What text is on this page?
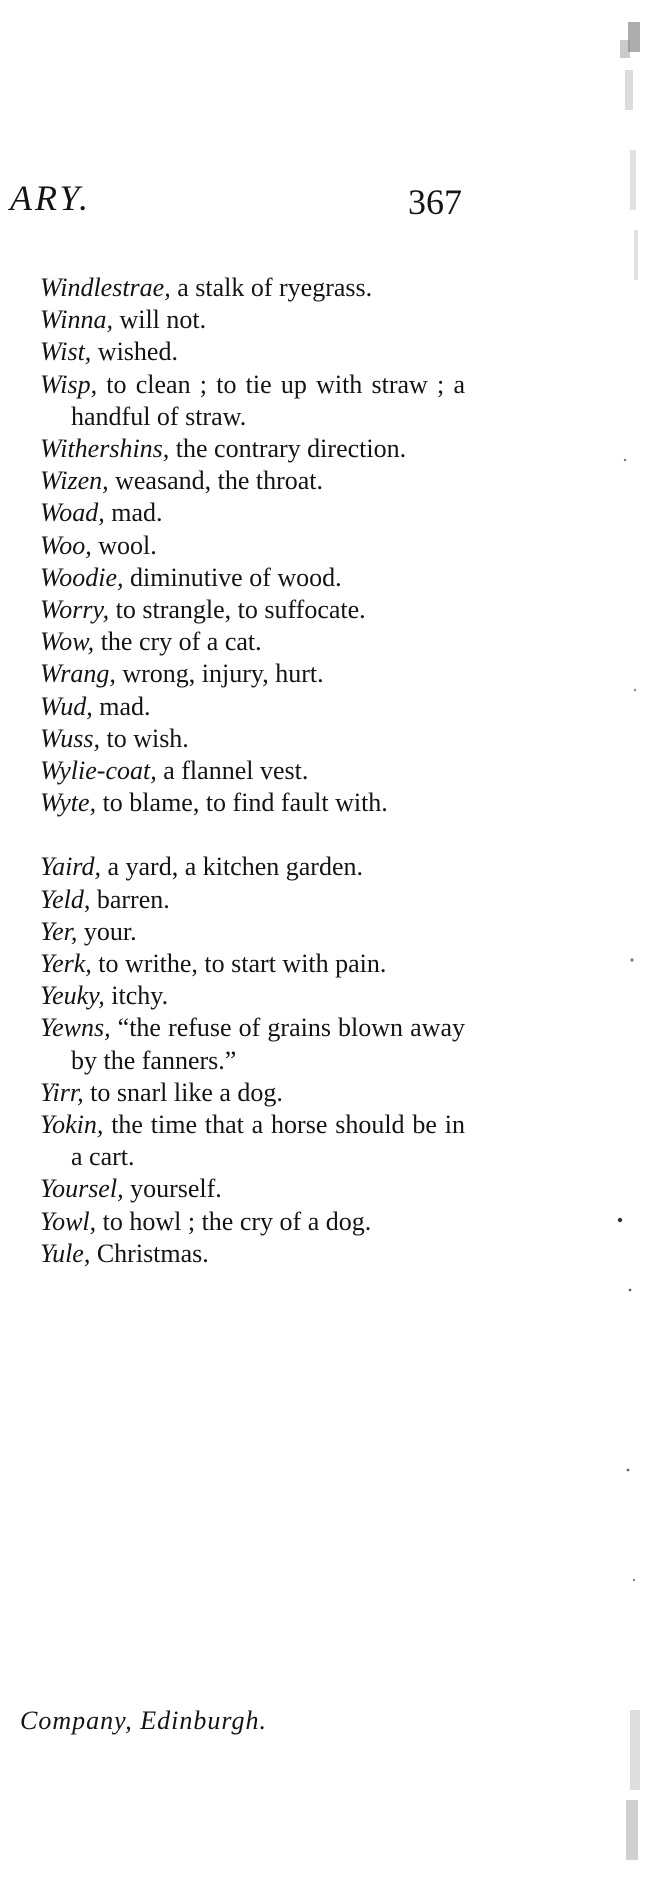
ARY.	367

Windlestrae, a stalk of ryegrass.

Winna, will not.

Wist, wished.

Wisp, to clean ; to tie up with straw ; a handful of straw.

Withershins, the contrary direction.

Wizen, weasand, the throat.

Woad, mad.

Woo, wool.

Woodie, diminutive of wood.

Worry, to strangle, to suffocate.

Wow, the cry of a cat.

Wrang, wrong, injury, hurt.

Wud, mad.

Wuss, to wish.

Wylie-coat, a flannel vest.

Wyte, to blame, to find fault with.

Yaird, a yard, a kitchen garden.

Yeld, barren.

Yer, your.

Yerk, to writhe, to start with pain.

Yeuky, itchy.

Yewns, “the refuse of grains blown away by the fanners.”

Yirr, to snarl like a dog.

Yokin, the time that a horse should be in a cart.

Yoursel, yourself.

Yowl, to howl ; the cry of a dog.

Yule, Christmas.

Company, Edinburgh.
